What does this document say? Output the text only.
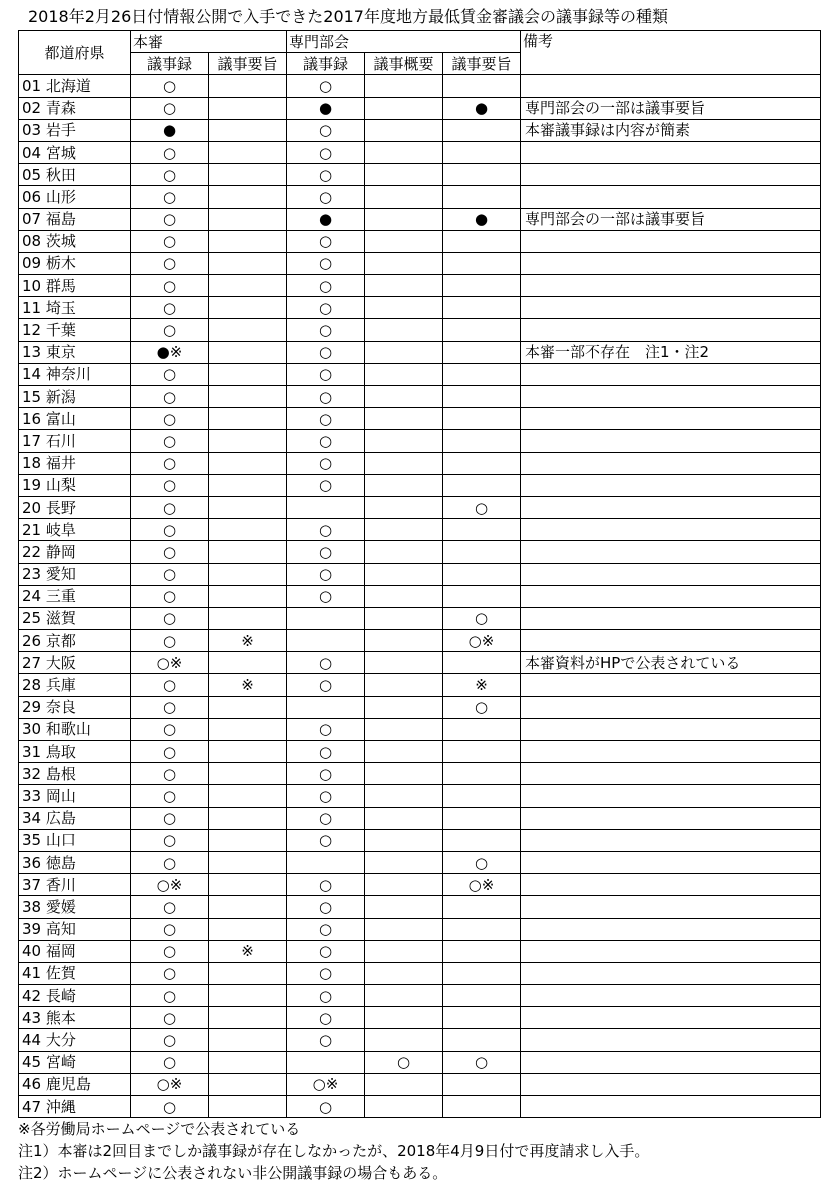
2018年2月26日付情報公開で入手できた2017年度地方最低賃金審議会の議事録等の種類
都道府県	本審		専門部会			備考
	議事録	議事要旨	議事録	議事概要	議事要旨	
01 北海道	○		○			
02 青森	○		●		●	専門部会の一部は議事要旨
03 岩手	●		○			本審議事録は内容が簡素
04 宮城	○		○			
05 秋田	○		○			
06 山形	○		○			
07 福島	○		●		●	専門部会の一部は議事要旨
08 茨城	○		○			
09 栃木	○		○			
10 群馬	○		○			
11 埼玉	○		○			
12 千葉	○		○			
13 東京	●※		○			本審一部不存在　注1・注2
14 神奈川	○		○			
15 新潟	○		○			
16 富山	○		○			
17 石川	○		○			
18 福井	○		○			
19 山梨	○		○			
20 長野	○				○	
21 岐阜	○		○			
22 静岡	○		○			
23 愛知	○		○			
24 三重	○		○			
25 滋賀	○				○	
26 京都	○	※			○※	
27 大阪	○※		○			本審資料がHPで公表されている
28 兵庫	○	※	○		※	
29 奈良	○				○	
30 和歌山	○		○			
31 鳥取	○		○			
32 島根	○		○			
33 岡山	○		○			
34 広島	○		○			
35 山口	○		○			
36 徳島	○				○	
37 香川	○※		○		○※	
38 愛媛	○		○			
39 高知	○		○			
40 福岡	○	※	○			
41 佐賀	○		○			
42 長崎	○		○			
43 熊本	○		○			
44 大分	○		○			
45 宮崎	○			○	○	
46 鹿児島	○※		○※			
47 沖縄	○		○			
※各労働局ホームページで公表されている
注1）本審は2回目までしか議事録が存在しなかったが、2018年4月9日付で再度請求し入手。
注2）ホームページに公表されない非公開議事録の場合もある。
